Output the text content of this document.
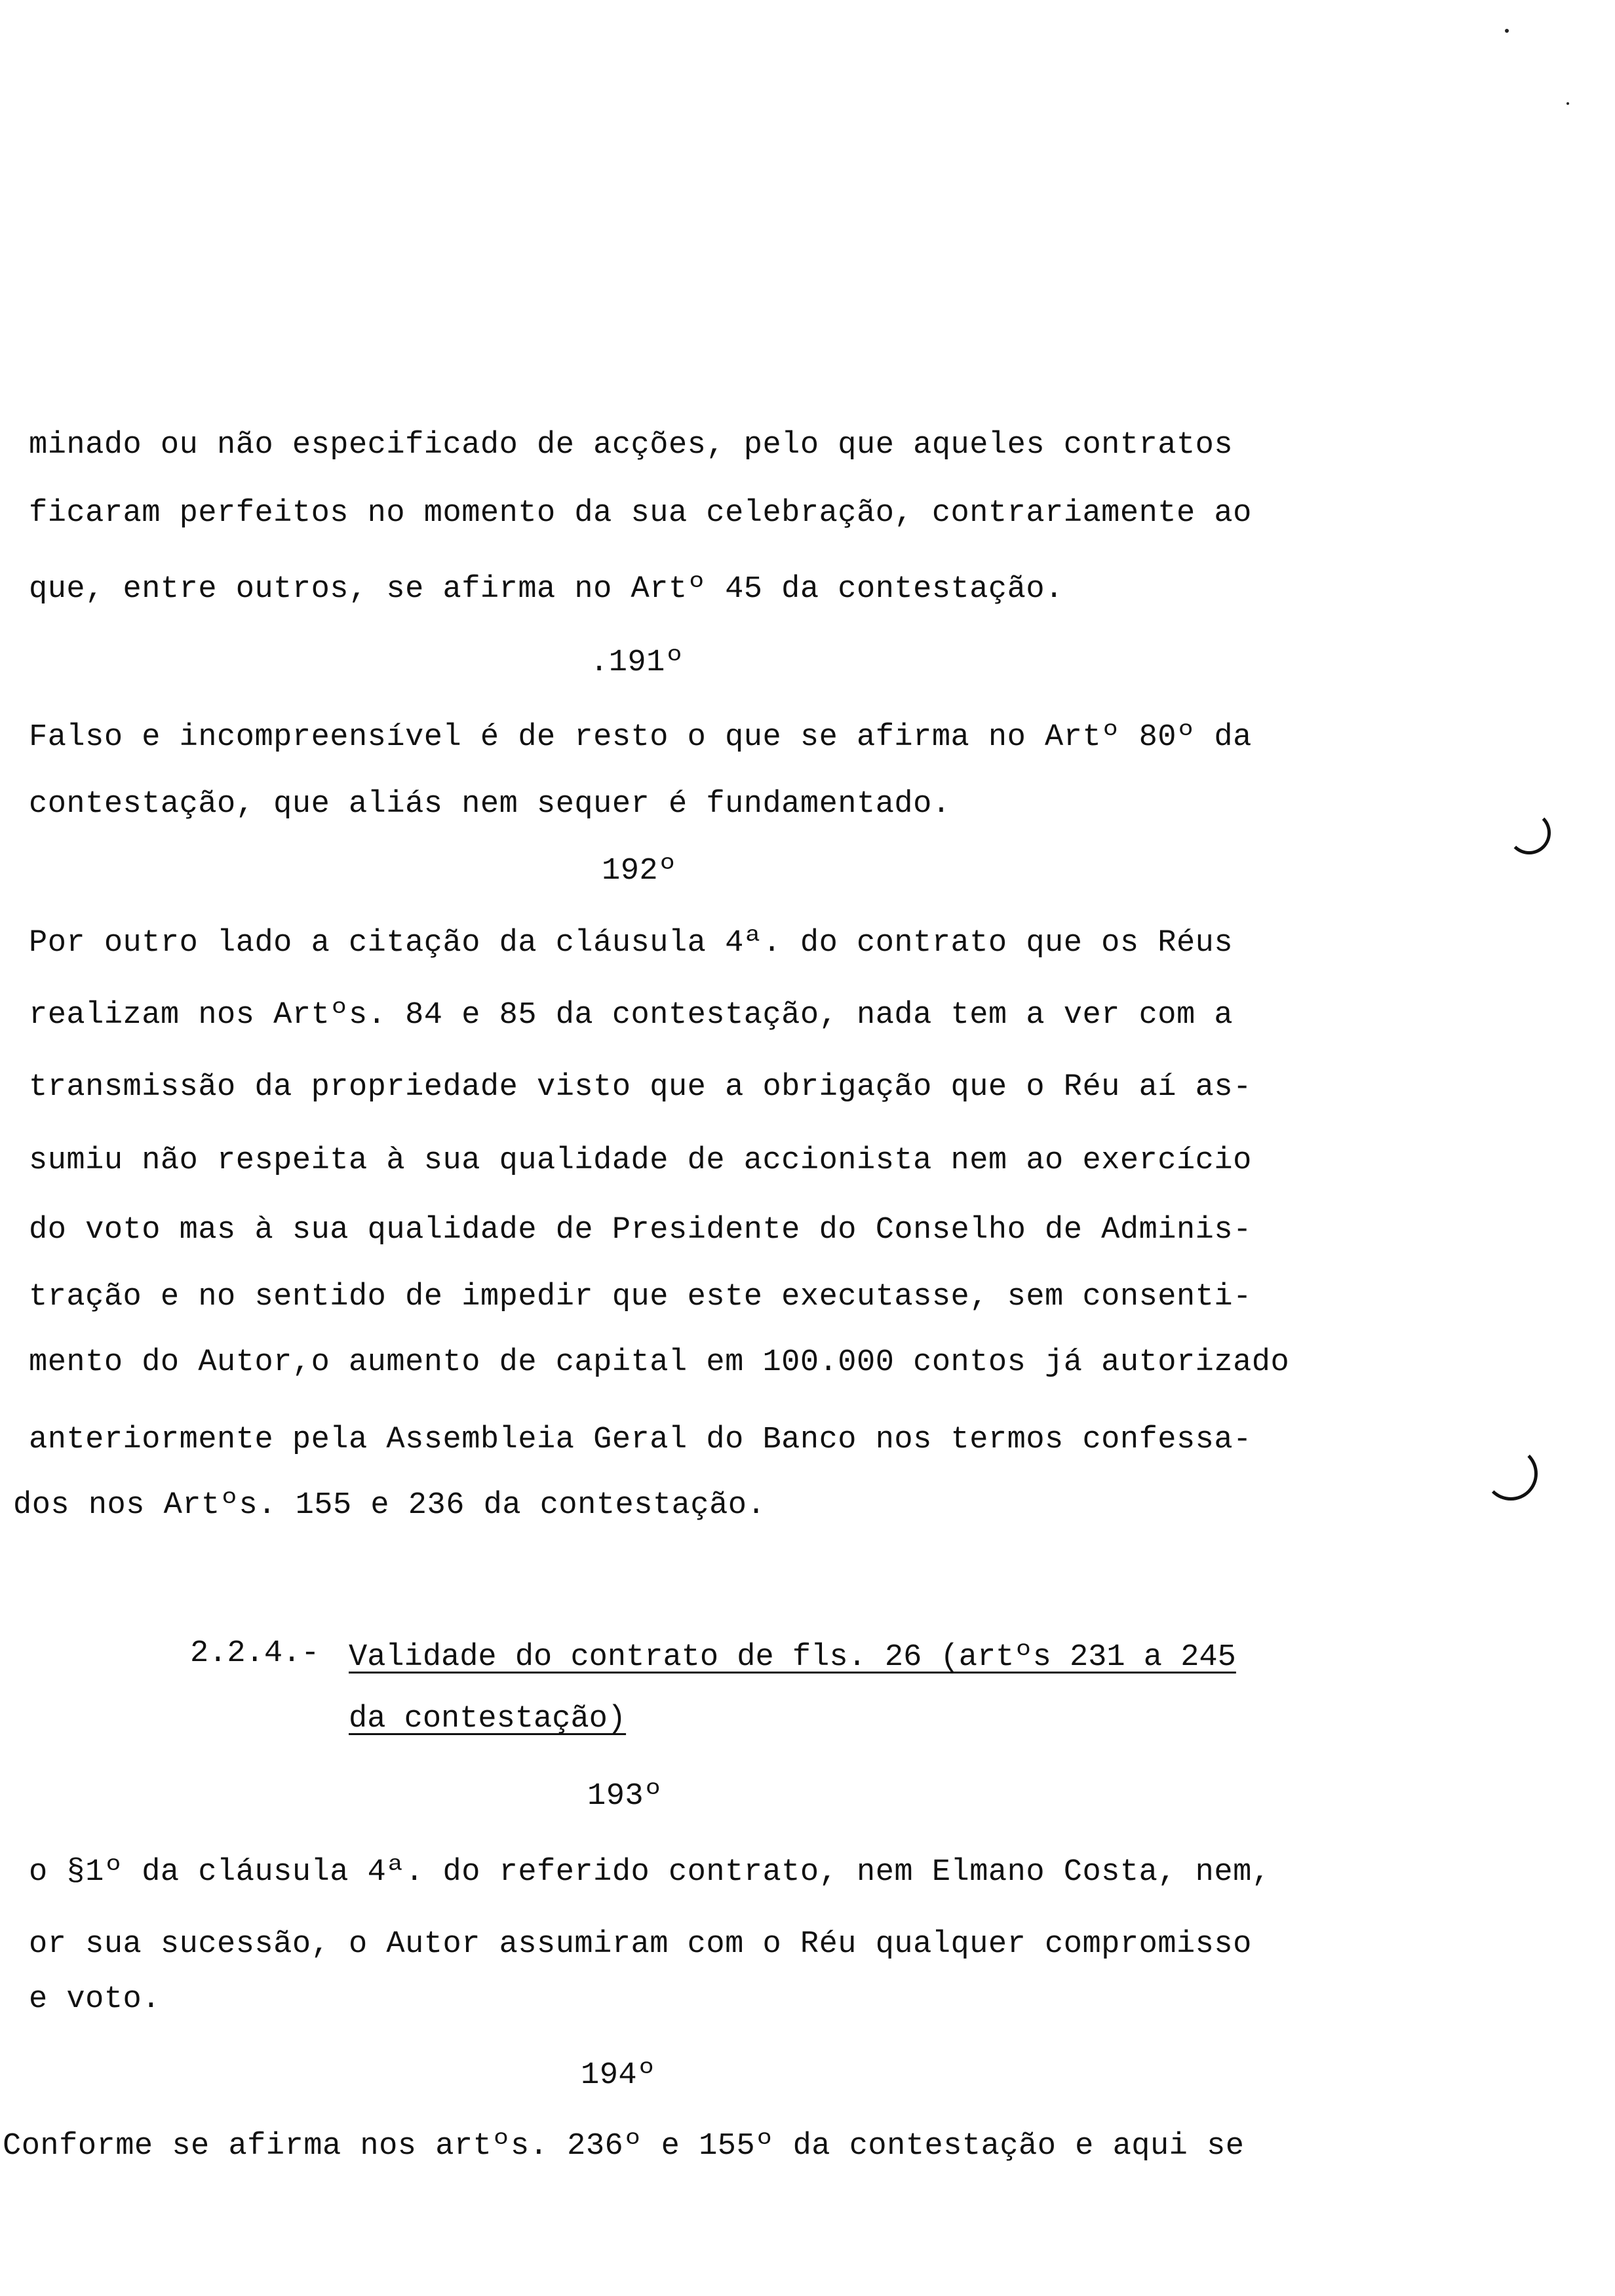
minado ou não especificado de acções, pelo que aqueles contratos
ficaram perfeitos no momento da sua celebração, contrariamente ao
que, entre outros, se afirma no Artº 45 da contestação.
.191º
Falso e incompreensível é de resto o que se afirma no Artº 80º da
contestação, que aliás nem sequer é fundamentado.
192º
Por outro lado a citação da cláusula 4ª. do contrato que os Réus
realizam nos Artºs. 84 e 85 da contestação, nada tem a ver com a
transmissão da propriedade visto que a obrigação que o Réu aí as-
sumiu não respeita à sua qualidade de accionista nem ao exercício
do voto mas à sua qualidade de Presidente do Conselho de Adminis-
tração e no sentido de impedir que este executasse, sem consenti-
mento do Autor,o aumento de capital em 100.000 contos já autorizado
anteriormente pela Assembleia Geral do Banco nos termos confessa-
dos nos Artºs. 155 e 236 da contestação.
2.2.4.- Validade do contrato de fls. 26 (artºs 231 a 245
da contestação)
193º
o §1º da cláusula 4ª. do referido contrato, nem Elmano Costa, nem,
or sua sucessão, o Autor assumiram com o Réu qualquer compromisso
e voto.
194º
Conforme se afirma nos artºs. 236º e 155º da contestação e aqui se
